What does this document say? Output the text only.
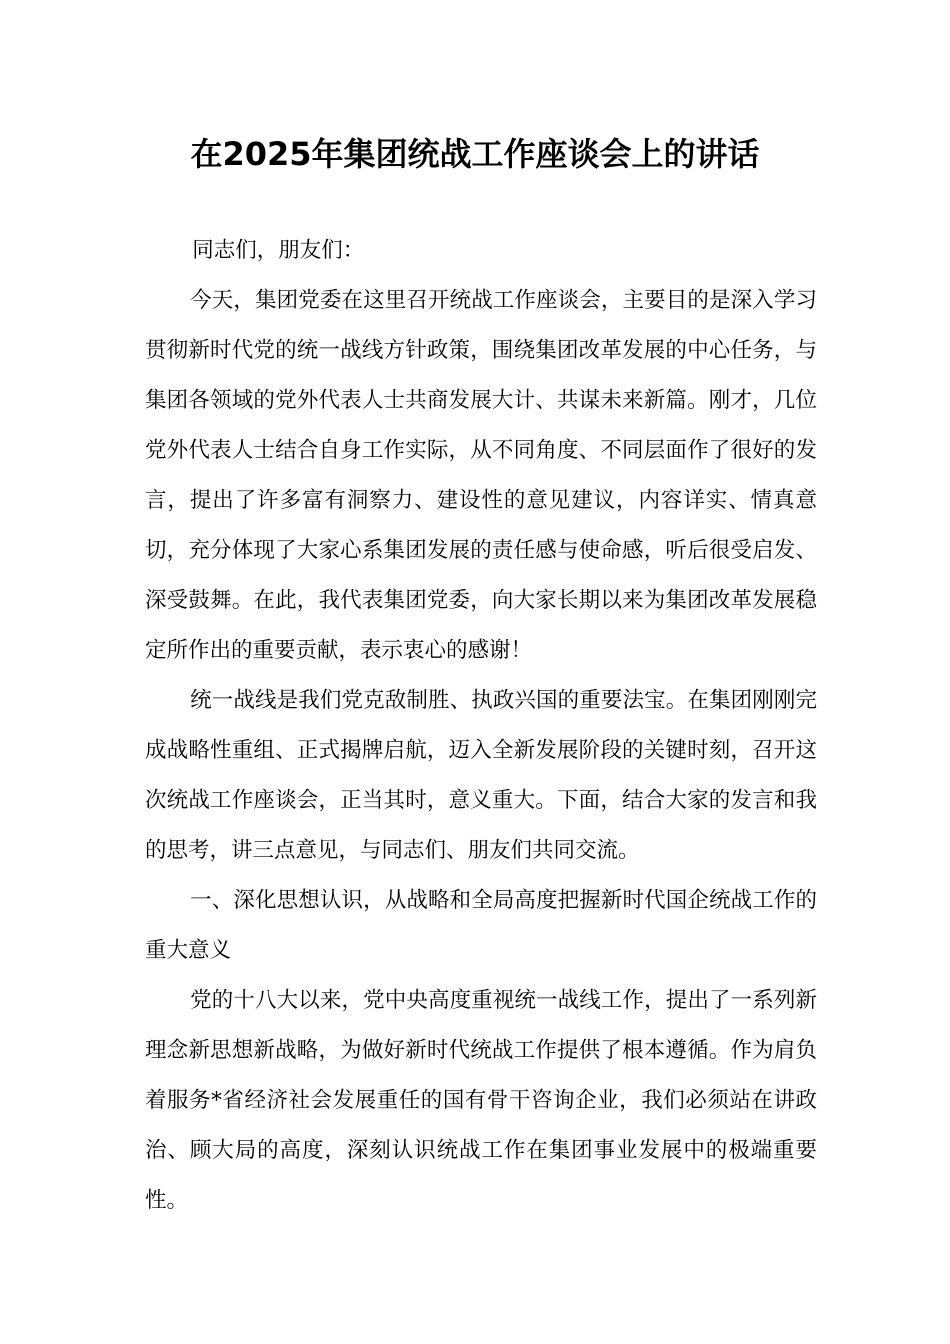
在2025年集团统战工作座谈会上的讲话

同志们，朋友们：

今天，集团党委在这里召开统战工作座谈会，主要目的是深入学习贯彻新时代党的统一战线方针政策，围绕集团改革发展的中心任务，与集团各领域的党外代表人士共商发展大计、共谋未来新篇。刚才，几位党外代表人士结合自身工作实际，从不同角度、不同层面作了很好的发言，提出了许多富有洞察力、建设性的意见建议，内容详实、情真意切，充分体现了大家心系集团发展的责任感与使命感，听后很受启发、深受鼓舞。在此，我代表集团党委，向大家长期以来为集团改革发展稳定所作出的重要贡献，表示衷心的感谢！

统一战线是我们党克敌制胜、执政兴国的重要法宝。在集团刚刚完成战略性重组、正式揭牌启航，迈入全新发展阶段的关键时刻，召开这次统战工作座谈会，正当其时，意义重大。下面，结合大家的发言和我的思考，讲三点意见，与同志们、朋友们共同交流。

一、深化思想认识，从战略和全局高度把握新时代国企统战工作的重大意义

党的十八大以来，党中央高度重视统一战线工作，提出了一系列新理念新思想新战略，为做好新时代统战工作提供了根本遵循。作为肩负着服务*省经济社会发展重任的国有骨干咨询企业，我们必须站在讲政治、顾大局的高度，深刻认识统战工作在集团事业发展中的极端重要性。
